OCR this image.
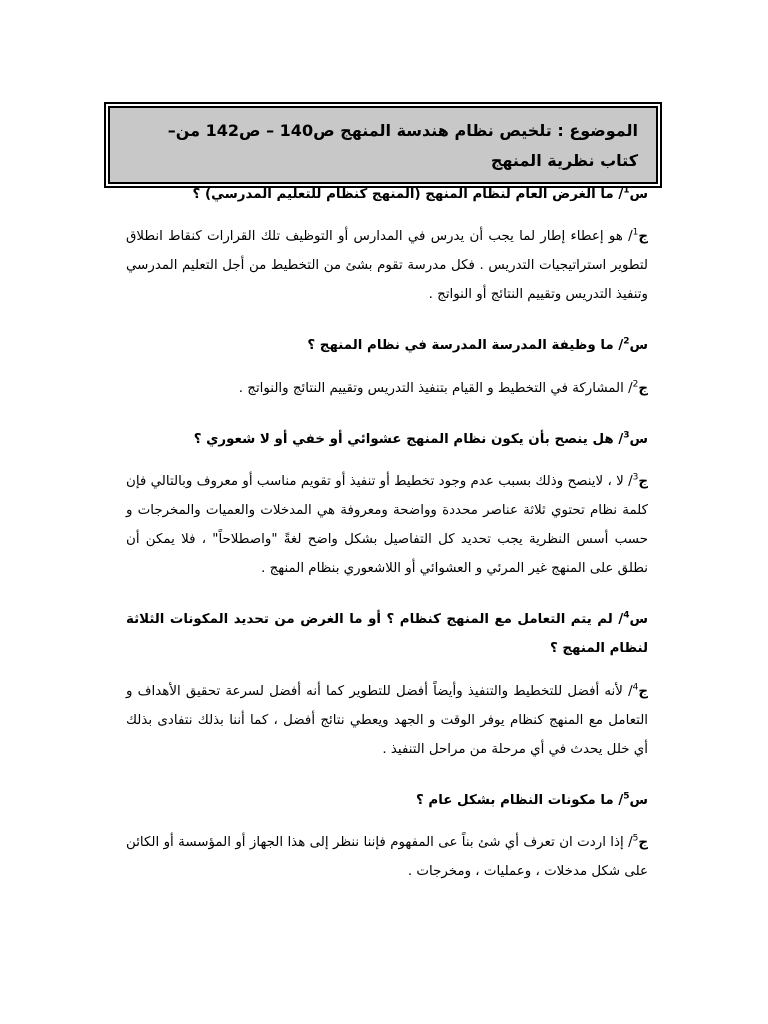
الموضوع : تلخيص نظام هندسة المنهج ص140 – ص142 من– كتاب نظرية المنهج

س$^1$/ ما الغرض العام لنظام المنهج (المنهج كنظام للتعليم المدرسي) ؟

ج$^1$/ هو إعطاء إطار لما يجب أن يدرس في المدارس أو التوظيف تلك القرارات كنقاط انطلاق لتطوير استراتيجيات التدريس . فكل مدرسة تقوم بشئ من التخطيط من أجل التعليم المدرسي وتنفيذ التدريس وتقييم النتائج أو النواتج .

س$^2$/ ما وظيفة المدرسة المدرسة في نظام المنهج ؟

ج$^2$/ المشاركة في التخطيط و القيام بتنفيذ التدريس وتقييم النتائج والنواتج .

س$^3$/ هل ينصح بأن يكون نظام المنهج عشوائي أو خفي أو لا شعوري ؟

ج$^3$/ لا ، لاينصح وذلك بسبب عدم وجود تخطيط أو تنفيذ أو تقويم مناسب أو معروف وبالتالي فإن كلمة نظام تحتوي ثلاثة عناصر محددة وواضحة ومعروفة هي المدخلات والعميات والمخرجات و حسب أسس النظرية يجب تحديد كل التفاصيل بشكل واضح لغةً "واصطلاحاً" ، فلا يمكن أن نطلق على المنهج غير المرئي و العشوائي أو اللاشعوري بنظام المنهج .

س$^4$/ لم يتم التعامل مع المنهج كنظام ؟ أو ما الغرض من تحديد المكونات الثلاثة لنظام المنهج ؟

ج$^4$/ لأنه أفضل للتخطيط والتنفيذ وأيضاً أفضل للتطوير كما أنه أفضل لسرعة تحقيق الأهداف و التعامل مع المنهج كنظام يوفر الوقت و الجهد ويعطي نتائج أفضل ، كما أننا بذلك نتفادى بذلك أي خلل يحدث في أي مرحلة من مراحل التنفيذ .

س$^5$/ ما مكونات النظام بشكل عام ؟

ج$^5$/ إذا اردت ان تعرف أي شئ بناً عى المفهوم فإننا ننظر إلى هذا الجهاز أو المؤسسة أو الكائن على شكل مدخلات ، وعمليات ، ومخرجات .
